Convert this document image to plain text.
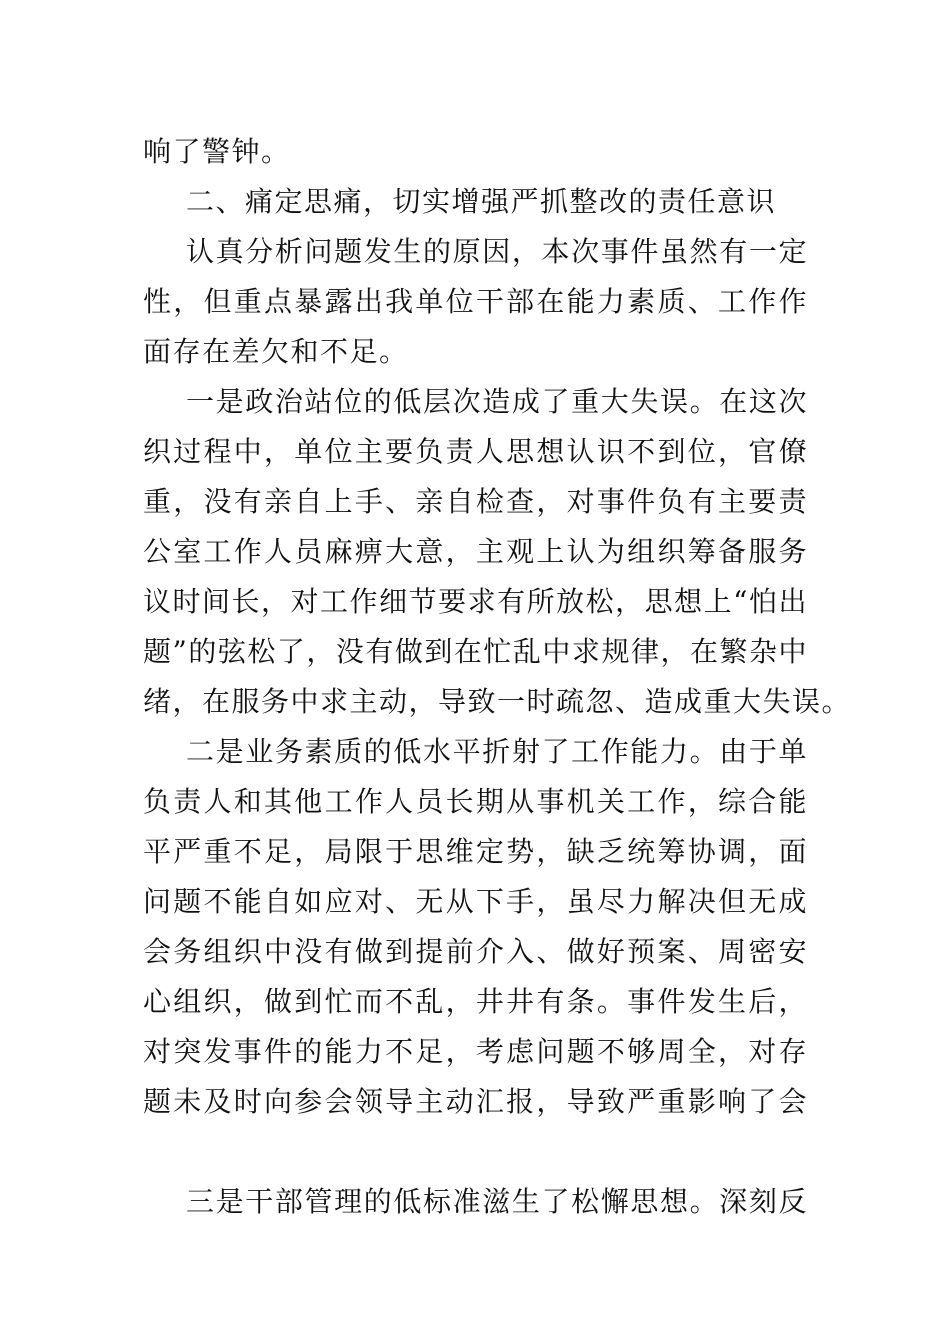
响了警钟。
二、痛定思痛，切实增强严抓整改的责任意识
认真分析问题发生的原因，本次事件虽然有一定
性，但重点暴露出我单位干部在能力素质、工作作
面存在差欠和不足。
一是政治站位的低层次造成了重大失误。在这次
织过程中，单位主要负责人思想认识不到位，官僚
重，没有亲自上手、亲自检查，对事件负有主要责
公室工作人员麻痹大意，主观上认为组织筹备服务
议时间长，对工作细节要求有所放松，思想上“怕出
题”的弦松了，没有做到在忙乱中求规律，在繁杂中
绪，在服务中求主动，导致一时疏忽、造成重大失误。
二是业务素质的低水平折射了工作能力。由于单
负责人和其他工作人员长期从事机关工作，综合能
平严重不足，局限于思维定势，缺乏统筹协调，面
问题不能自如应对、无从下手，虽尽力解决但无成
会务组织中没有做到提前介入、做好预案、周密安
心组织，做到忙而不乱，井井有条。事件发生后，
对突发事件的能力不足，考虑问题不够周全，对存
题未及时向参会领导主动汇报，导致严重影响了会
三是干部管理的低标准滋生了松懈思想。深刻反
